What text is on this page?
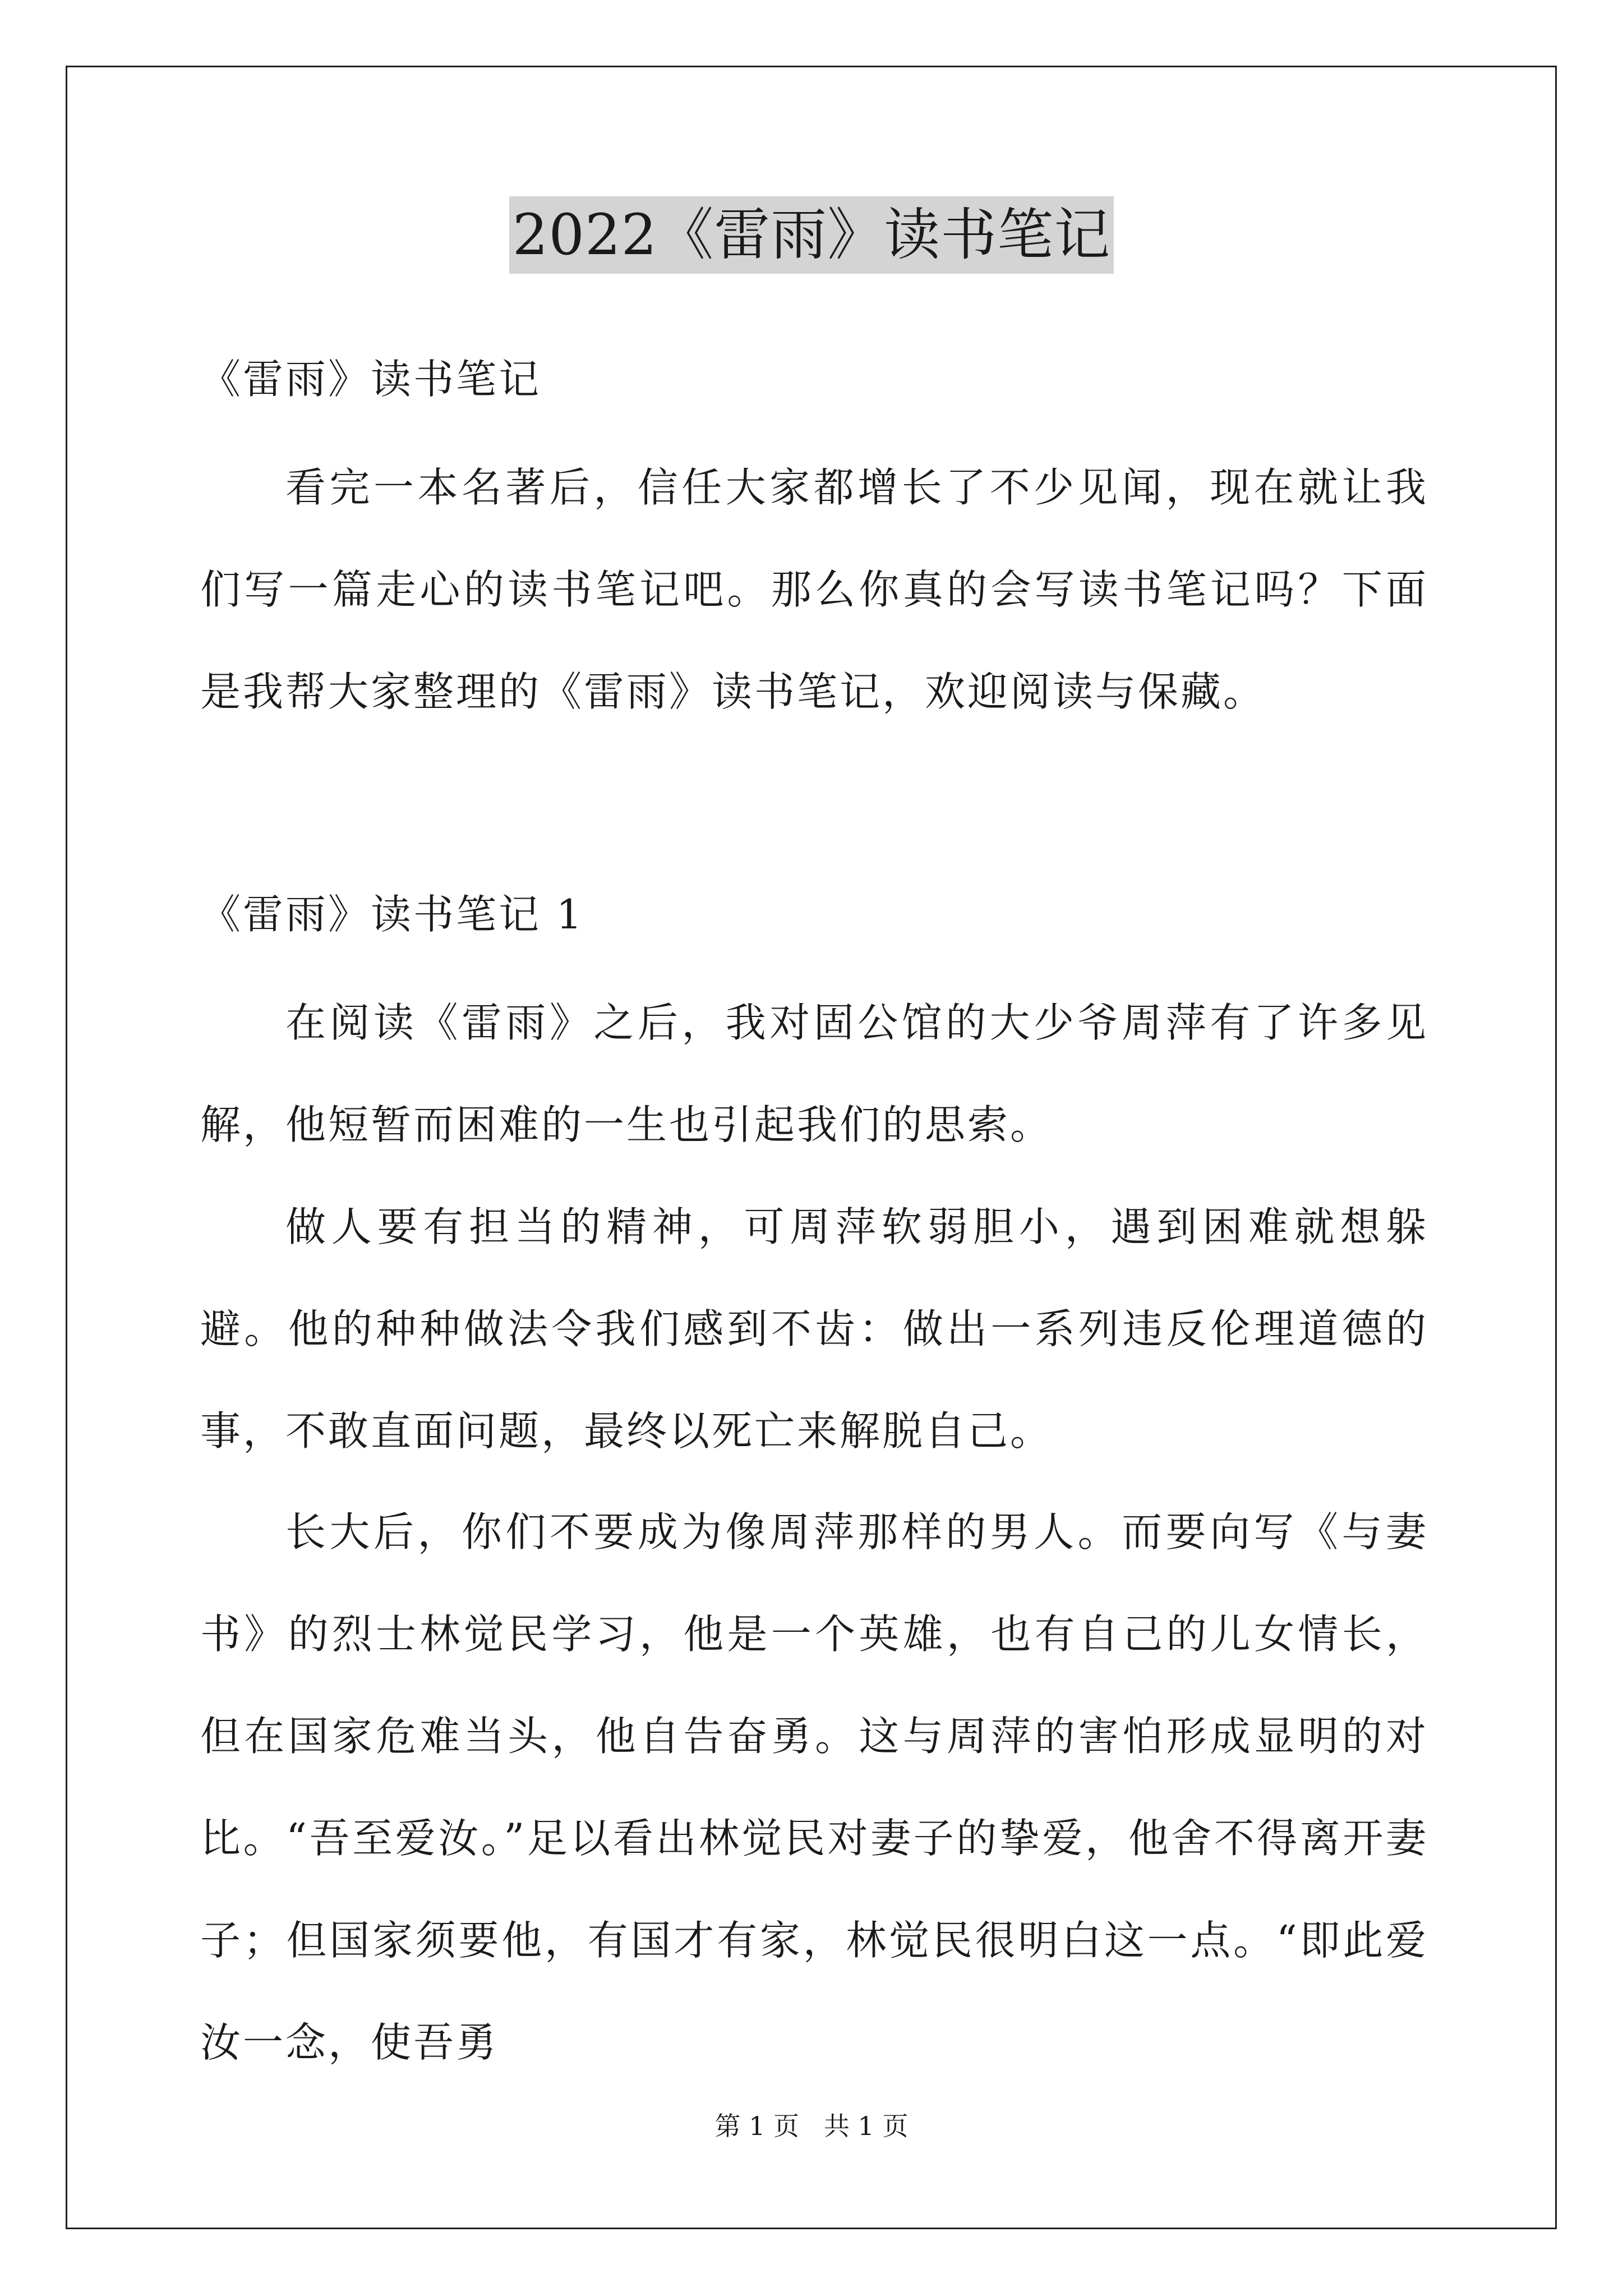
2022《雷雨》读书笔记

《雷雨》读书笔记

看完一本名著后，信任大家都增长了不少见闻，现在就让我们写一篇走心的读书笔记吧。那么你真的会写读书笔记吗？下面是我帮大家整理的《雷雨》读书笔记，欢迎阅读与保藏。

《雷雨》读书笔记 1

在阅读《雷雨》之后，我对固公馆的大少爷周萍有了许多见解，他短暂而困难的一生也引起我们的思索。

做人要有担当的精神，可周萍软弱胆小，遇到困难就想躲避。他的种种做法令我们感到不齿：做出一系列违反伦理道德的事，不敢直面问题，最终以死亡来解脱自己。

长大后，你们不要成为像周萍那样的男人。而要向写《与妻书》的烈士林觉民学习，他是一个英雄，也有自己的儿女情长，但在国家危难当头，他自告奋勇。这与周萍的害怕形成显明的对比。“吾至爱汝。”足以看出林觉民对妻子的挚爱，他舍不得离开妻子；但国家须要他，有国才有家，林觉民很明白这一点。“即此爱汝一念，使吾勇

第 1 页 共 1 页
